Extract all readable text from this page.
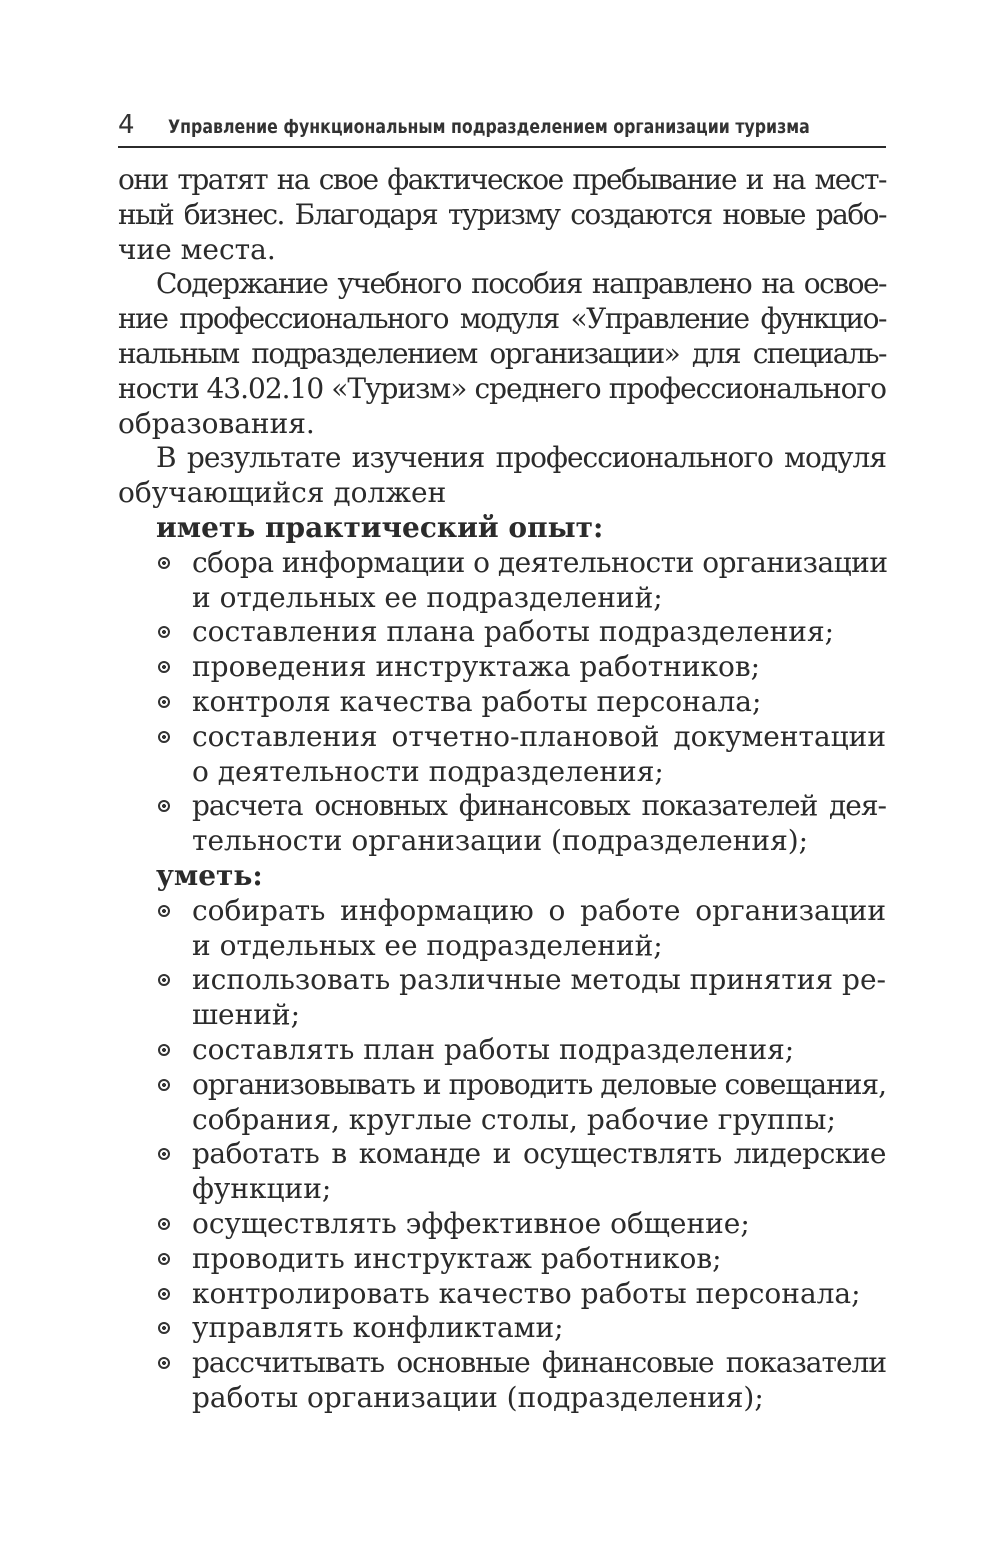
4 Управление функциональным подразделением организации туризма
они тратят на свое фактическое пребывание и на мест-
ный бизнес. Благодаря туризму создаются новые рабо-
чие места.
Содержание учебного пособия направлено на освое-
ние профессионального модуля «Управление функцио-
нальным подразделением организации» для специаль-
ности 43.02.10 «Туризм» среднего профессионального
образования.
В результате изучения профессионального модуля
обучающийся должен
иметь практический опыт:
сбора информации о деятельности организации
и отдельных ее подразделений;
составления плана работы подразделения;
проведения инструктажа работников;
контроля качества работы персонала;
составления отчетно-плановой документации
о деятельности подразделения;
расчета основных финансовых показателей дея-
тельности организации (подразделения);
уметь:
собирать информацию о работе организации
и отдельных ее подразделений;
использовать различные методы принятия ре-
шений;
составлять план работы подразделения;
организовывать и проводить деловые совещания,
собрания, круглые столы, рабочие группы;
работать в команде и осуществлять лидерские
функции;
осуществлять эффективное общение;
проводить инструктаж работников;
контролировать качество работы персонала;
управлять конфликтами;
рассчитывать основные финансовые показатели
работы организации (подразделения);
